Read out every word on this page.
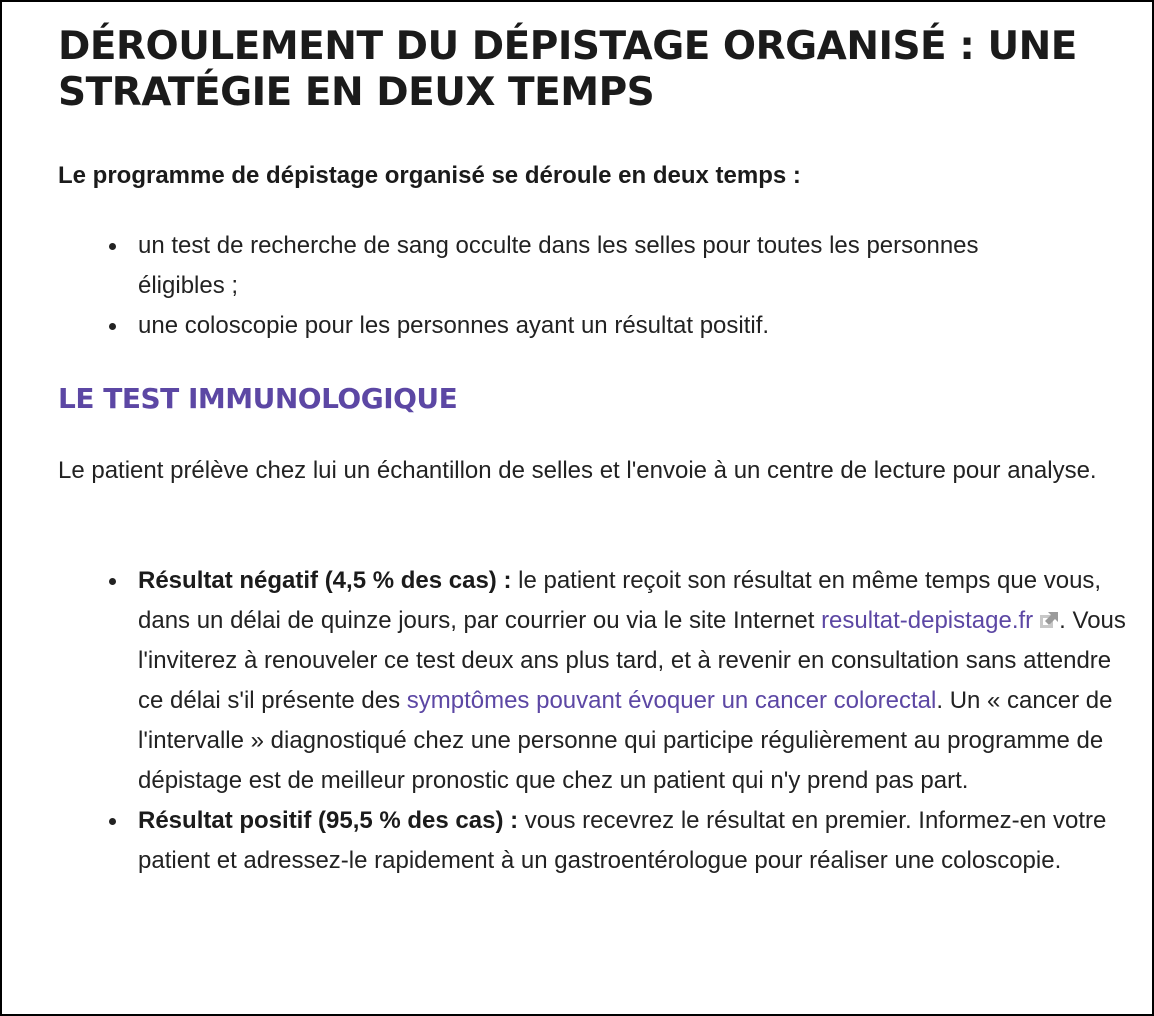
DÉROULEMENT DU DÉPISTAGE ORGANISÉ : UNE STRATÉGIE EN DEUX TEMPS

Le programme de dépistage organisé se déroule en deux temps :

un test de recherche de sang occulte dans les selles pour toutes les personnes éligibles ;
une coloscopie pour les personnes ayant un résultat positif.
LE TEST IMMUNOLOGIQUE

Le patient prélève chez lui un échantillon de selles et l'envoie à un centre de lecture pour analyse.

Résultat négatif (4,5 % des cas) : le patient reçoit son résultat en même temps que vous, dans un délai de quinze jours, par courrier ou via le site Internet resultat-depistage.fr . Vous l'inviterez à renouveler ce test deux ans plus tard, et à revenir en consultation sans attendre ce délai s'il présente des symptômes pouvant évoquer un cancer colorectal. Un « cancer de l'intervalle » diagnostiqué chez une personne qui participe régulièrement au programme de dépistage est de meilleur pronostic que chez un patient qui n'y prend pas part.
Résultat positif (95,5 % des cas) : vous recevrez le résultat en premier. Informez-en votre patient et adressez-le rapidement à un gastroentérologue pour réaliser une coloscopie.
